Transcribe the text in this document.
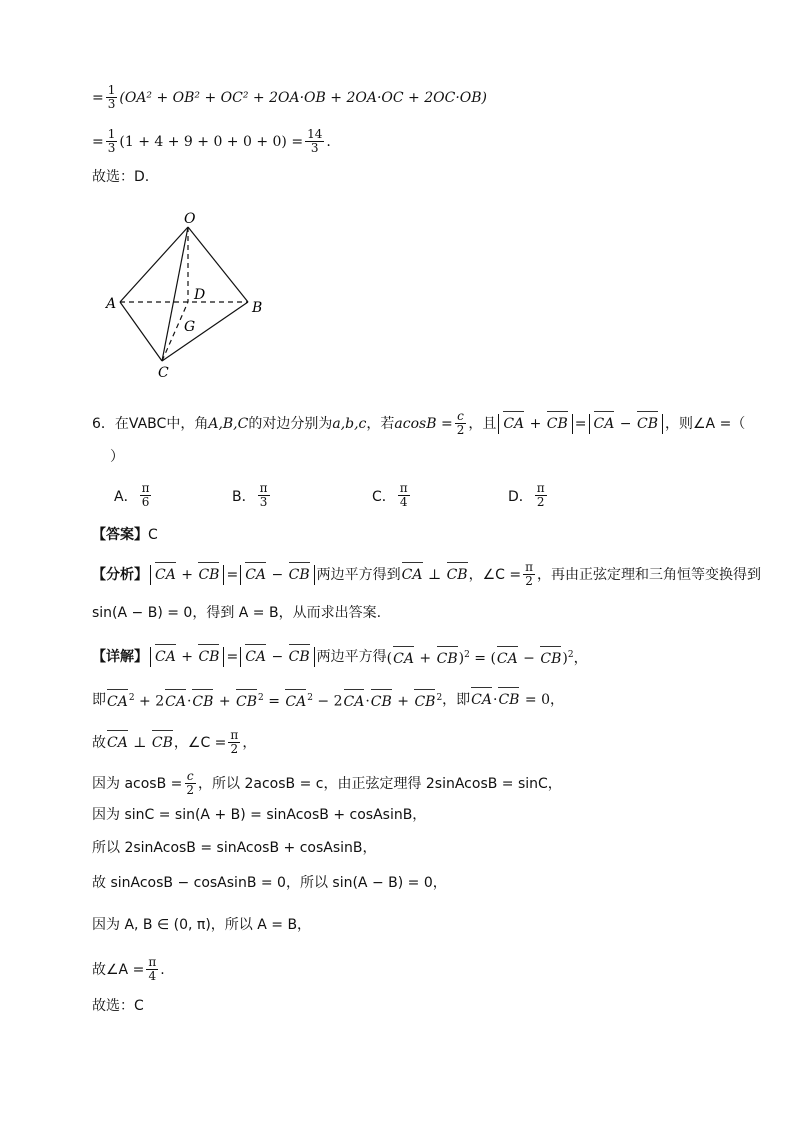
= $\frac{1}{3} (OA^2 + OB^2 + OC^2 + 2OA\cdot OB + 2OA\cdot OC + 2OC\cdot OB)$
= $\frac{1}{3} (1 + 4 + 9 + 0 + 0 + 0) = \frac{14}{3}$ .
故选：D.
O
A	B
D
G
C
6．在 VABC中，角 A,B,C 的对边分别为 a,b,c ，若 $acosB = \frac{c}{2}$ ，且 CA + CB = CA − CB ，则∠A =（
）
A． $\frac{\pi}{6}$	B． $\frac{\pi}{3}$	C． $\frac{\pi}{4}$	D． $\frac{\pi}{2}$
【答案】 C
【分析】 CA + CB = CA − CB 两边平方得到 CA ⊥ CB ，∠C = $\frac{\pi}{2}$ ，再由正弦定理和三角恒等变换得到
sin(A − B) = 0，得到 A = B，从而求出答案.
【详解】 CA + CB = CA − CB 两边平方得 (CA + CB)$^2$ = (CA − CB)$^2$，
即 $CA^2 + 2CA\cdot CB + CB^2 = CA^2 - 2CA\cdot CB + CB^2$ ，即 CA·CB = 0，
故 CA ⊥ CB ，∠C = $\frac{\pi}{2}$ ，
因为 $acosB = \frac{c}{2}$ ，所以 2acosB = c，由正弦定理得 2sinAcosB = sinC，
因为 sinC = sin(A + B) = sinAcosB + cosAsinB，
所以 2sinAcosB = sinAcosB + cosAsinB，
故 sinAcosB − cosAsinB = 0，所以 sin(A − B) = 0，
因为 A, B ∈ (0, π)，所以 A = B，
故∠A = $\frac{\pi}{4}$ .
故选：C
